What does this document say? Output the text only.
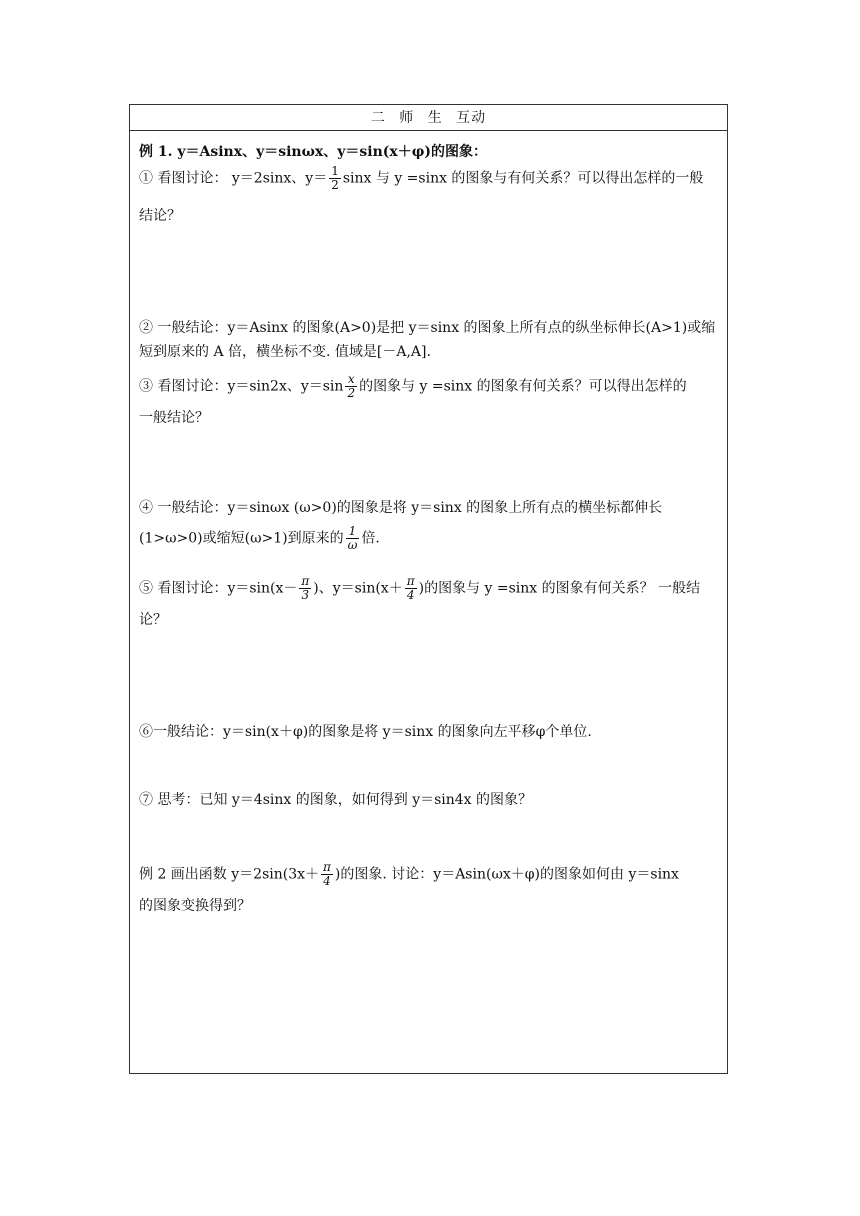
二 师 生 互动
例 1. y＝Asinx、y＝sinωx、y＝sin(x＋φ)的图象：
① 看图讨论： y＝2sinx、$y= \frac{1}{2}$ sinx 与 y =sinx 的图象与有何关系？可以得出怎样的一般
结论？
② 一般结论：y＝Asinx 的图象(A>0)是把 y＝sinx 的图象上所有点的纵坐标伸长(A>1)或缩
短到原来的 A 倍，横坐标不变. 值域是[－A,A].
③ 看图讨论：y＝sin2x、$y=\sin \frac{x}{2}$ 的图象与 y =sinx 的图象有何关系？可以得出怎样的
一般结论？
④ 一般结论：y＝sinωx (ω>0)的图象是将 y＝sinx 的图象上所有点的横坐标都伸长
(1>ω>0)或缩短(ω>1)到原来的 $\frac{1}{\omega}$ 倍.
⑤ 看图讨论：$y=\sin(x- \frac{\pi}{3}$ )、$y=\sin(x+ \frac{\pi}{4}$ )的图象与 y =sinx 的图象有何关系？ 一般结
论？
⑥一般结论：y＝sin(x＋φ)的图象是将 y＝sinx 的图象向左平移φ个单位.
⑦ 思考：已知 y＝4sinx 的图象，如何得到 y＝sin4x 的图象？
例 2 画出函数 $y=2\sin(3x+ \frac{\pi}{4}$ )的图象. 讨论：y＝Asin(ωx＋φ)的图象如何由 y＝sinx
的图象变换得到？
